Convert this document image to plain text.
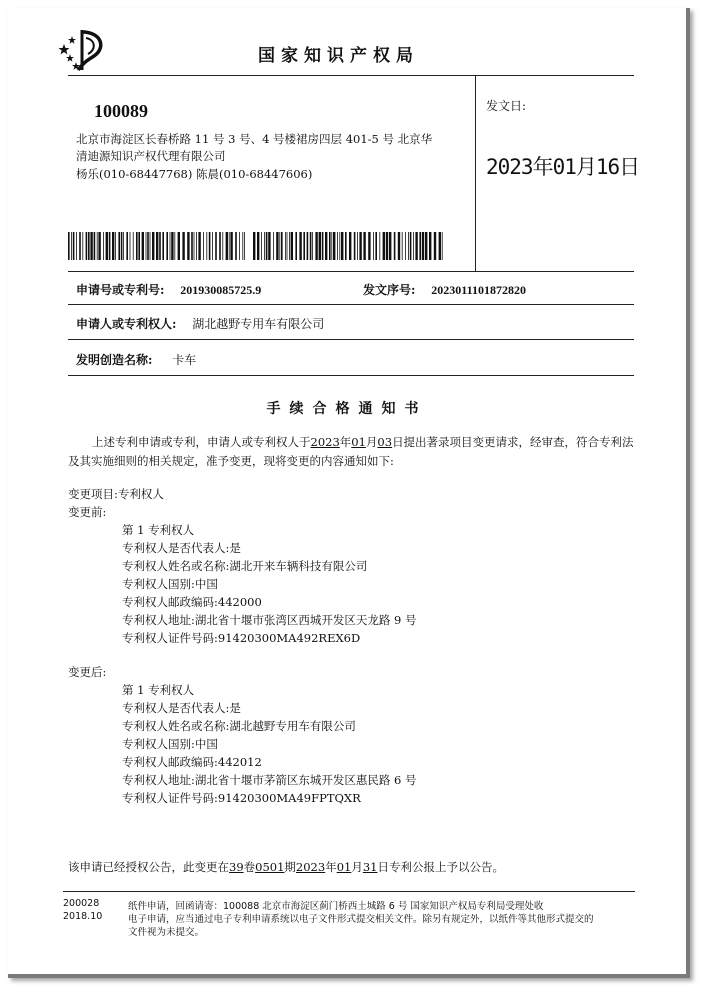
国家知识产权局
100089
北京市海淀区长春桥路 11 号 3 号、4 号楼裙房四层 401-5 号 北京华
清迪源知识产权代理有限公司
杨乐(010-68447768) 陈晨(010-68447606)
发文日:
2023年01月16日
申请号或专利号: 201930085725.9	发文序号: 2023011101872820
申请人或专利权人: 湖北越野专用车有限公司
发明创造名称: 卡车
手续合格通知书
上述专利申请或专利，申请人或专利权人于2023年01月03日提出著录项目变更请求，经审查，符合专利法及其实施细则的相关规定，准予变更，现将变更的内容通知如下:
变更项目:专利权人
变更前:
第 1 专利权人
专利权人是否代表人:是
专利权人姓名或名称:湖北开来车辆科技有限公司
专利权人国别:中国
专利权人邮政编码:442000
专利权人地址:湖北省十堰市张湾区西城开发区天龙路 9 号
专利权人证件号码:91420300MA492REX6D
变更后:
第 1 专利权人
专利权人是否代表人:是
专利权人姓名或名称:湖北越野专用车有限公司
专利权人国别:中国
专利权人邮政编码:442012
专利权人地址:湖北省十堰市茅箭区东城开发区惠民路 6 号
专利权人证件号码:91420300MA49FPTQXR
该申请已经授权公告，此变更在39卷0501期2023年01月31日专利公报上予以公告。
200028
2018.10
纸件申请，回函请寄：100088 北京市海淀区蓟门桥西土城路 6 号 国家知识产权局专利局受理处收
电子申请，应当通过电子专利申请系统以电子文件形式提交相关文件。除另有规定外，以纸件等其他形式提交的
文件视为未提交。
